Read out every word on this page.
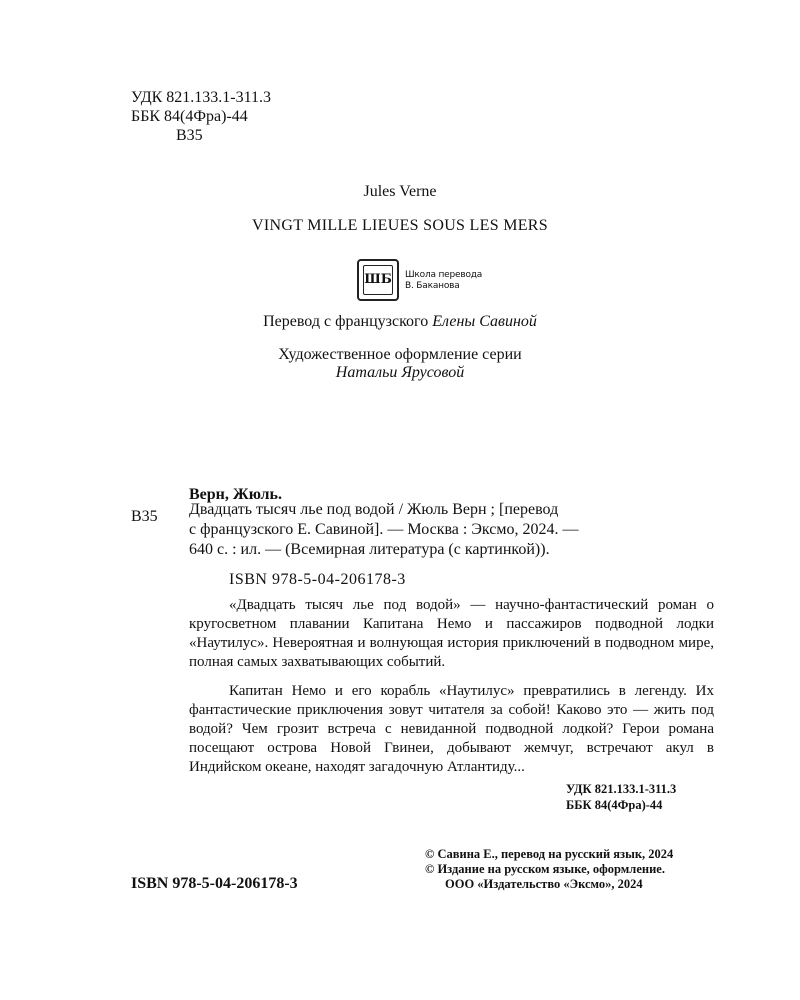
УДК 821.133.1-311.3
ББК 84(4Фра)-44
В35
Jules Verne
VINGT MILLE LIEUES SOUS LES MERS
ШБ Школа перевода
В. Баканова
Перевод с французского Елены Савиной
Художественное оформление серии
Натальи Ярусовой
Верн, Жюль.
В35 Двадцать тысяч лье под водой / Жюль Верн ; [перевод
с французского Е. Савиной]. — Москва : Эксмо, 2024. —
640 с. : ил. — (Всемирная литература (с картинкой)).
ISBN 978-5-04-206178-3
«Двадцать тысяч лье под водой» — научно-фантастический роман о кругосветном плавании Капитана Немо и пассажиров подводной лодки «Наутилус». Невероятная и волнующая история приключений в подводном мире, полная самых захватывающих событий.
Капитан Немо и его корабль «Наутилус» превратились в легенду. Их фантастические приключения зовут читателя за собой! Каково это — жить под водой? Чем грозит встреча с невиданной подводной лодкой? Герои романа посещают острова Новой Гвинеи, добывают жемчуг, встречают акул в Индийском океане, находят загадочную Атлантиду...
УДК 821.133.1-311.3
ББК 84(4Фра)-44
ISBN 978-5-04-206178-3
© Савина Е., перевод на русский язык, 2024
© Издание на русском языке, оформление.
ООО «Издательство «Эксмо», 2024
